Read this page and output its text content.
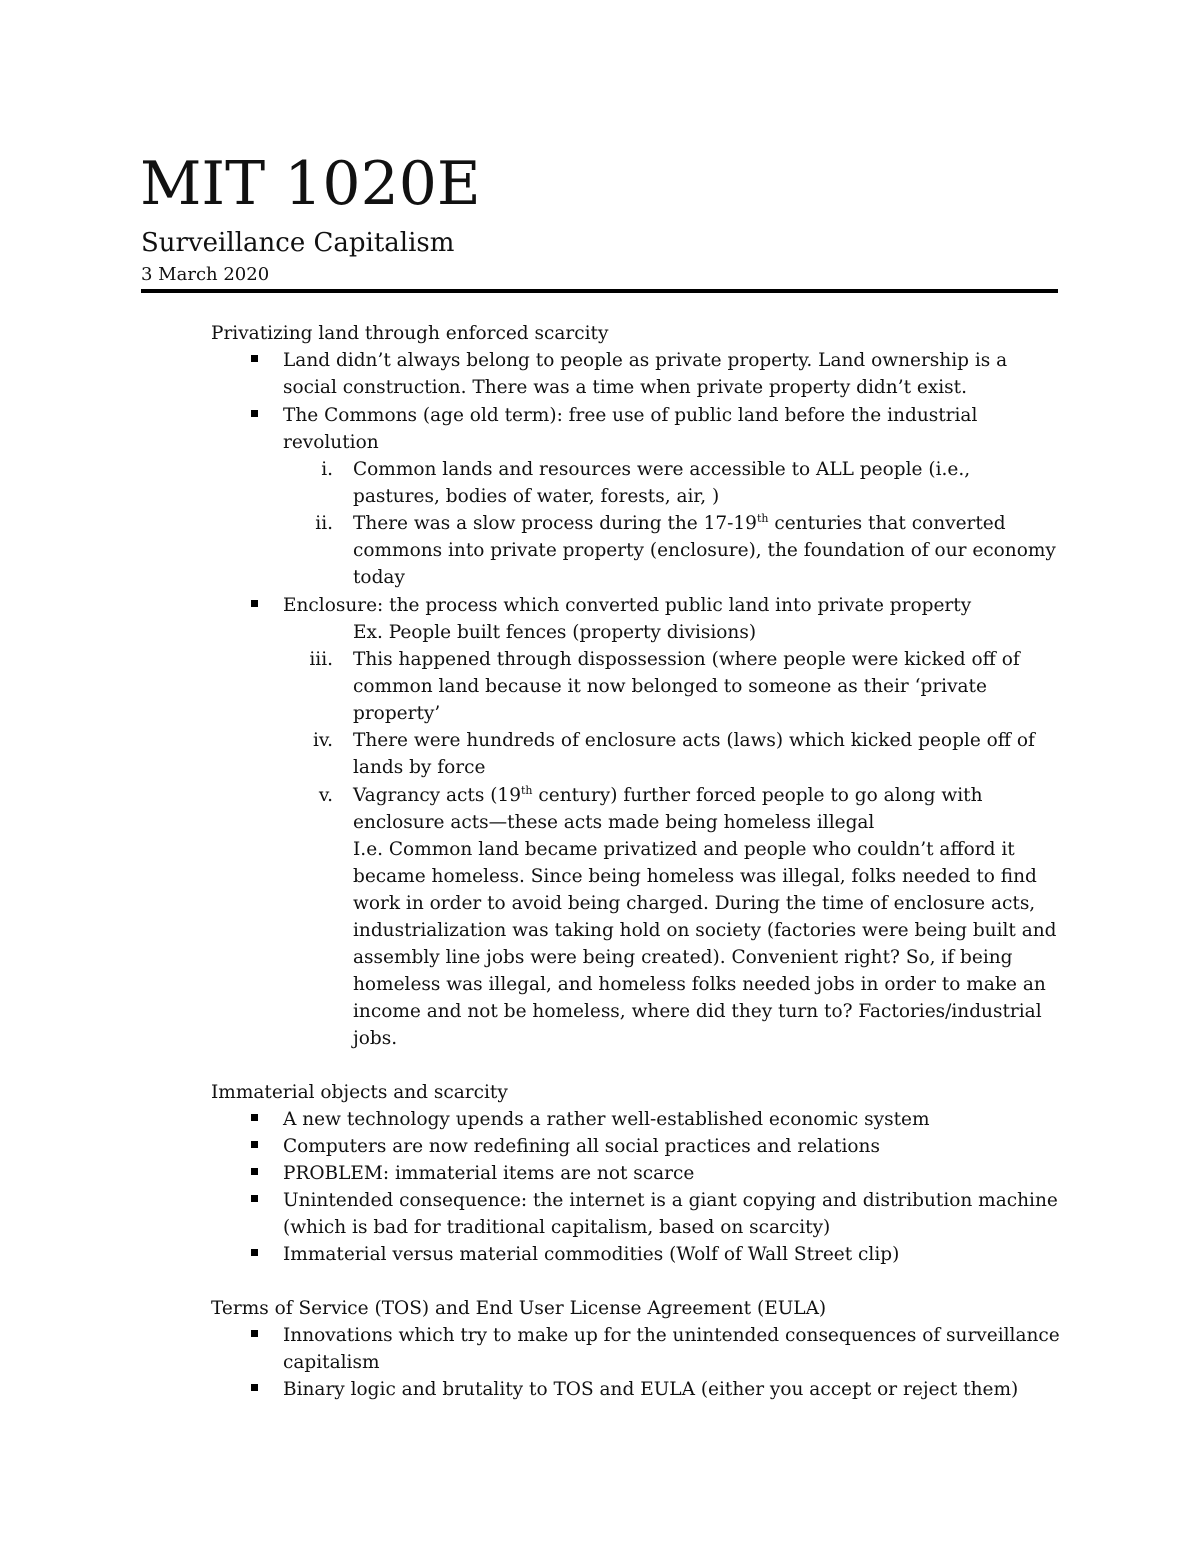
MIT 1020E
Surveillance Capitalism
3 March 2020
Privatizing land through enforced scarcity
Land didn’t always belong to people as private property. Land ownership is a
social construction. There was a time when private property didn’t exist.
The Commons (age old term): free use of public land before the industrial
revolution
i. Common lands and resources were accessible to ALL people (i.e.,
pastures, bodies of water, forests, air, )
ii. There was a slow process during the 17-19th centuries that converted
commons into private property (enclosure), the foundation of our economy
today
Enclosure: the process which converted public land into private property
Ex. People built fences (property divisions)
iii. This happened through dispossession (where people were kicked off of
common land because it now belonged to someone as their ‘private
property’
iv. There were hundreds of enclosure acts (laws) which kicked people off of
lands by force
v. Vagrancy acts (19th century) further forced people to go along with
enclosure acts—these acts made being homeless illegal
I.e. Common land became privatized and people who couldn’t afford it
became homeless. Since being homeless was illegal, folks needed to find
work in order to avoid being charged. During the time of enclosure acts,
industrialization was taking hold on society (factories were being built and
assembly line jobs were being created). Convenient right? So, if being
homeless was illegal, and homeless folks needed jobs in order to make an
income and not be homeless, where did they turn to? Factories/industrial
jobs.
Immaterial objects and scarcity
A new technology upends a rather well-established economic system
Computers are now redefining all social practices and relations
PROBLEM: immaterial items are not scarce
Unintended consequence: the internet is a giant copying and distribution machine
(which is bad for traditional capitalism, based on scarcity)
Immaterial versus material commodities (Wolf of Wall Street clip)
Terms of Service (TOS) and End User License Agreement (EULA)
Innovations which try to make up for the unintended consequences of surveillance
capitalism
Binary logic and brutality to TOS and EULA (either you accept or reject them)
